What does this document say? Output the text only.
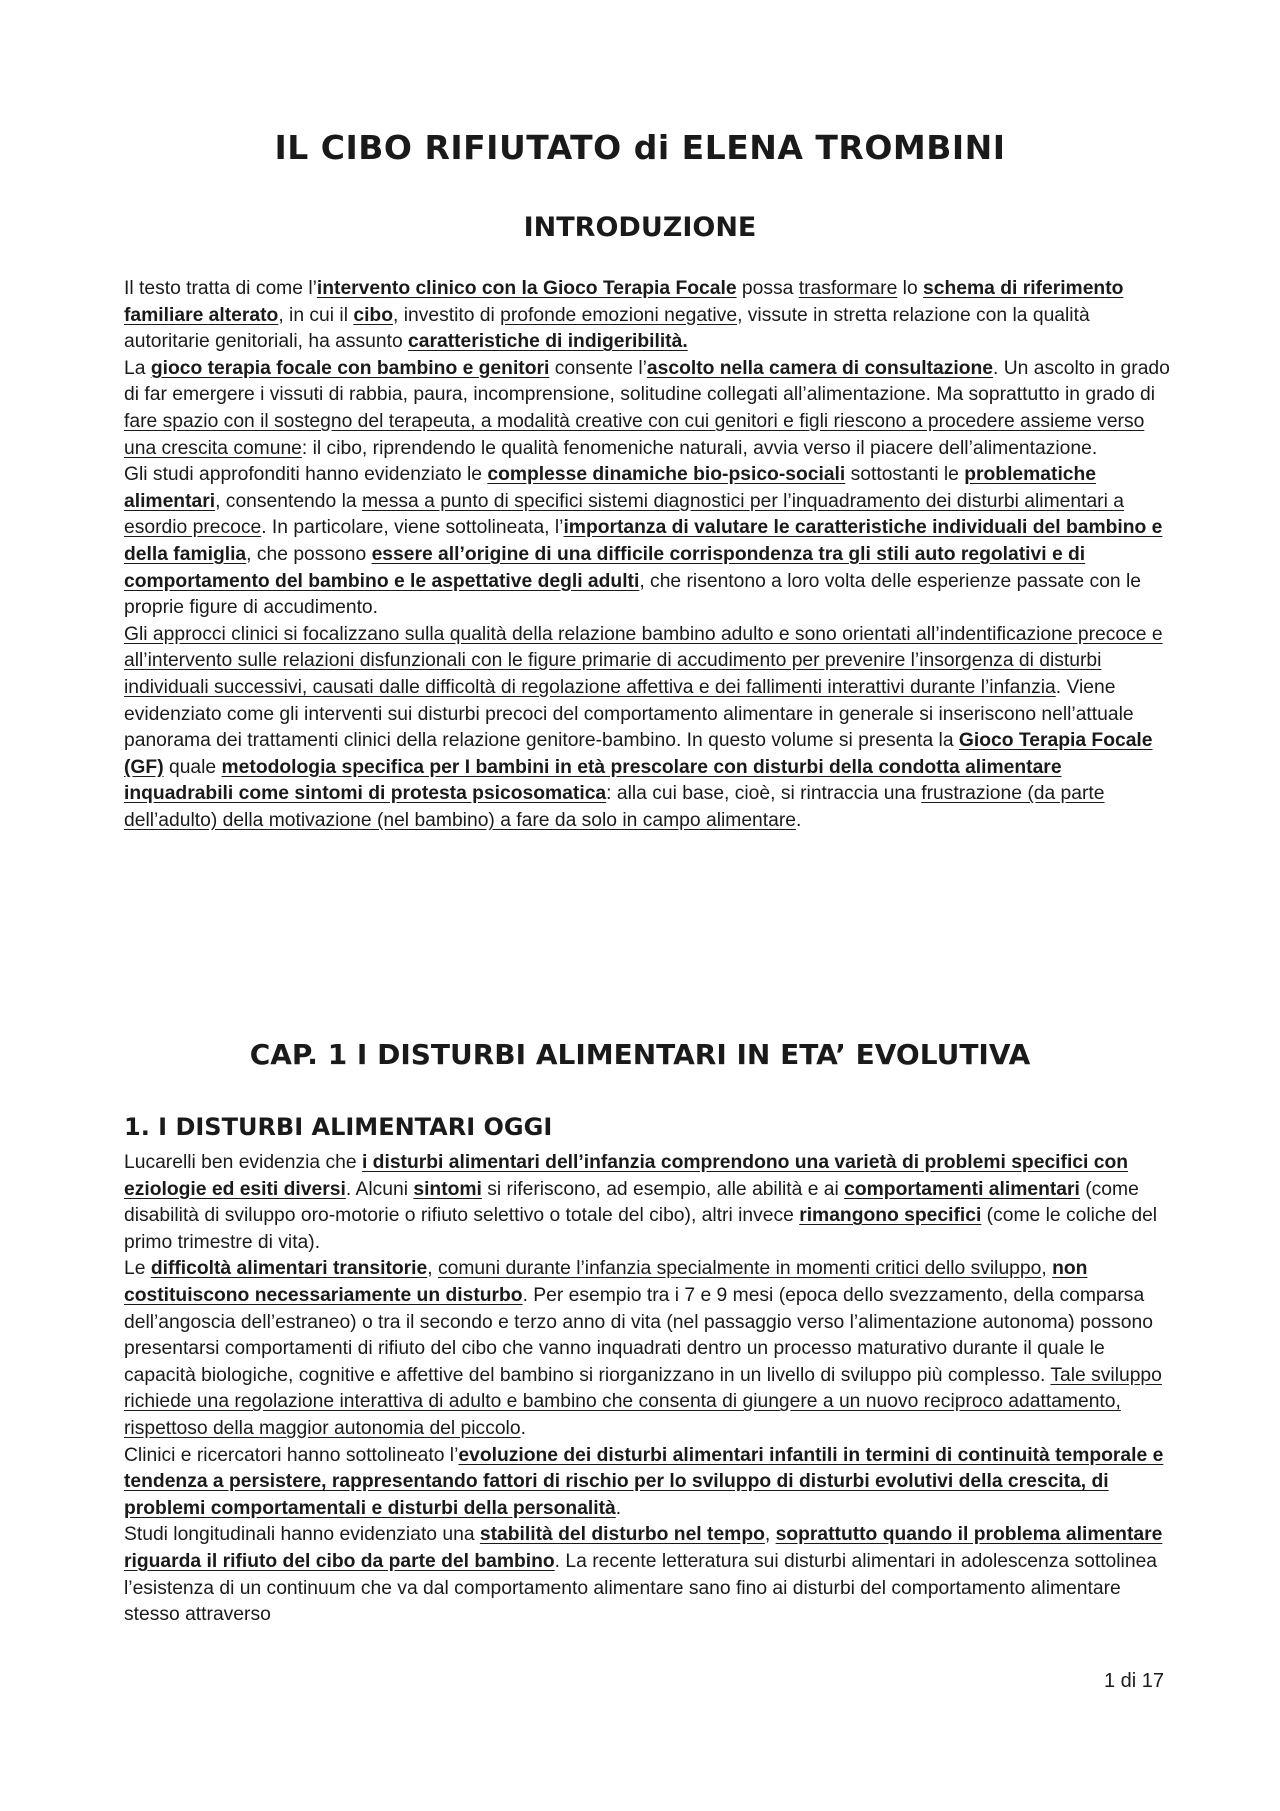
IL CIBO RIFIUTATO di ELENA TROMBINI
INTRODUZIONE

Il testo tratta di come l’intervento clinico con la Gioco Terapia Focale possa trasformare lo schema di riferimento familiare alterato, in cui il cibo, investito di profonde emozioni negative, vissute in stretta relazione con la qualità autoritarie genitoriali, ha assunto caratteristiche di indigeribilità.

La gioco terapia focale con bambino e genitori consente l’ascolto nella camera di consultazione. Un ascolto in grado di far emergere i vissuti di rabbia, paura, incomprensione, solitudine collegati all’alimentazione. Ma soprattutto in grado di fare spazio con il sostegno del terapeuta, a modalità creative con cui genitori e figli riescono a procedere assieme verso una crescita comune: il cibo, riprendendo le qualità fenomeniche naturali, avvia verso il piacere dell’alimentazione.

Gli studi approfonditi hanno evidenziato le complesse dinamiche bio-psico-sociali sottostanti le problematiche alimentari, consentendo la messa a punto di specifici sistemi diagnostici per l’inquadramento dei disturbi alimentari a esordio precoce. In particolare, viene sottolineata, l’importanza di valutare le caratteristiche individuali del bambino e della famiglia, che possono essere all’origine di una difficile corrispondenza tra gli stili auto regolativi e di comportamento del bambino e le aspettative degli adulti, che risentono a loro volta delle esperienze passate con le proprie figure di accudimento.

Gli approcci clinici si focalizzano sulla qualità della relazione bambino adulto e sono orientati all’indentificazione precoce e all’intervento sulle relazioni disfunzionali con le figure primarie di accudimento per prevenire l’insorgenza di disturbi individuali successivi, causati dalle difficoltà di regolazione affettiva e dei fallimenti interattivi durante l’infanzia. Viene evidenziato come gli interventi sui disturbi precoci del comportamento alimentare in generale si inseriscono nell’attuale panorama dei trattamenti clinici della relazione genitore-bambino. In questo volume si presenta la Gioco Terapia Focale (GF) quale metodologia specifica per I bambini in età prescolare con disturbi della condotta alimentare inquadrabili come sintomi di protesta psicosomatica: alla cui base, cioè, si rintraccia una frustrazione (da parte dell’adulto) della motivazione (nel bambino) a fare da solo in campo alimentare.

CAP. 1 I DISTURBI ALIMENTARI IN ETA’ EVOLUTIVA
1. I DISTURBI ALIMENTARI OGGI

Lucarelli ben evidenzia che i disturbi alimentari dell’infanzia comprendono una varietà di problemi specifici con eziologie ed esiti diversi. Alcuni sintomi si riferiscono, ad esempio, alle abilità e ai comportamenti alimentari (come disabilità di sviluppo oro-motorie o rifiuto selettivo o totale del cibo), altri invece rimangono specifici (come le coliche del primo trimestre di vita).

Le difficoltà alimentari transitorie, comuni durante l’infanzia specialmente in momenti critici dello sviluppo, non costituiscono necessariamente un disturbo. Per esempio tra i 7 e 9 mesi (epoca dello svezzamento, della comparsa dell’angoscia dell’estraneo) o tra il secondo e terzo anno di vita (nel passaggio verso l’alimentazione autonoma) possono presentarsi comportamenti di rifiuto del cibo che vanno inquadrati dentro un processo maturativo durante il quale le capacità biologiche, cognitive e affettive del bambino si riorganizzano in un livello di sviluppo più complesso. Tale sviluppo richiede una regolazione interattiva di adulto e bambino che consenta di giungere a un nuovo reciproco adattamento, rispettoso della maggior autonomia del piccolo.

Clinici e ricercatori hanno sottolineato l’evoluzione dei disturbi alimentari infantili in termini di continuità temporale e tendenza a persistere, rappresentando fattori di rischio per lo sviluppo di disturbi evolutivi della crescita, di problemi comportamentali e disturbi della personalità.

Studi longitudinali hanno evidenziato una stabilità del disturbo nel tempo, soprattutto quando il problema alimentare riguarda il rifiuto del cibo da parte del bambino. La recente letteratura sui disturbi alimentari in adolescenza sottolinea l’esistenza di un continuum che va dal comportamento alimentare sano fino ai disturbi del comportamento alimentare stesso attraverso

1 di 17
